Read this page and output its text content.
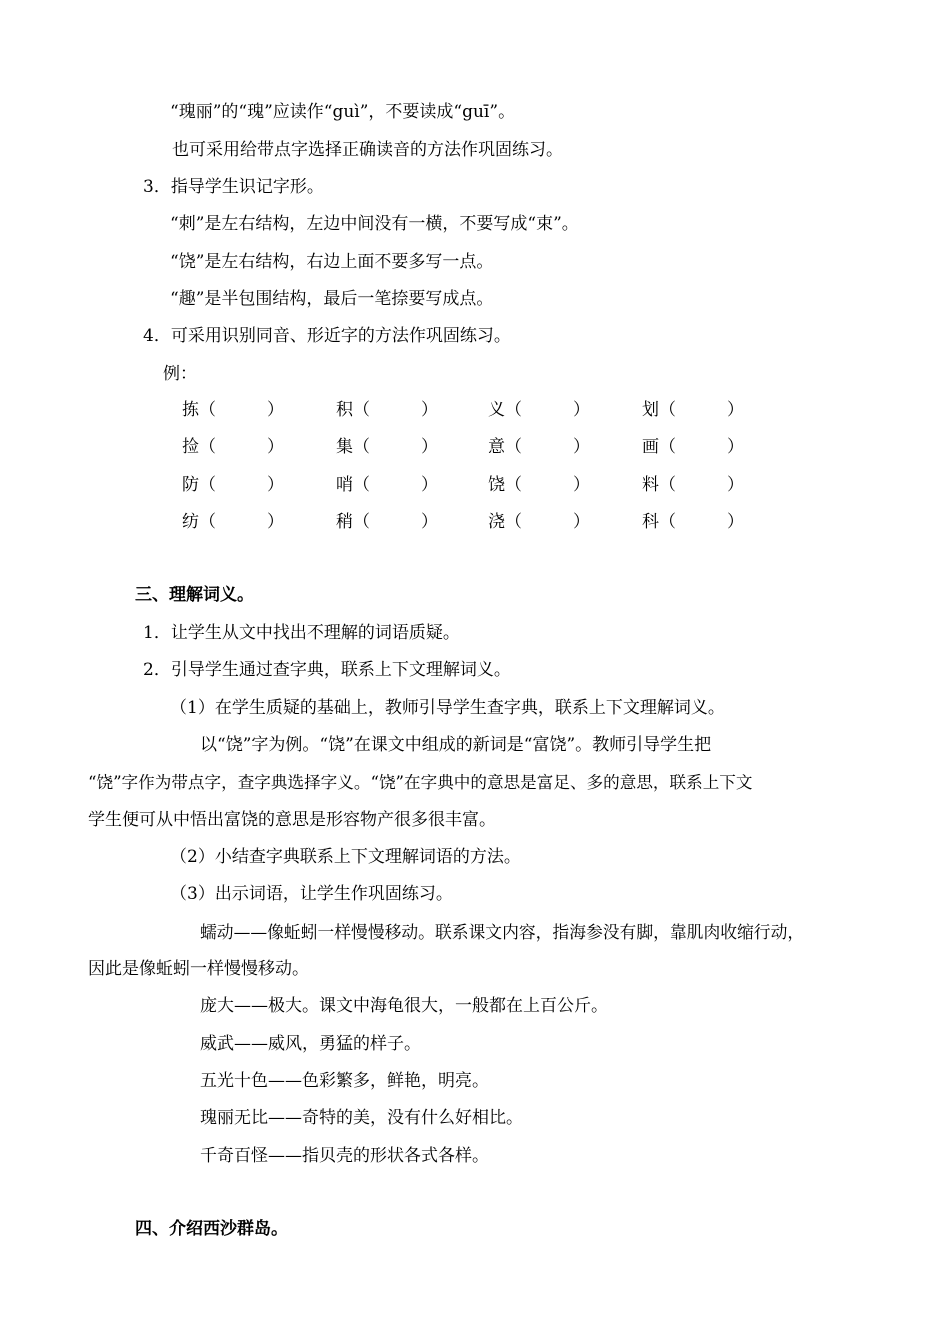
“瑰丽”的“瑰”应读作“guì”，不要读成“guī”。
也可采用给带点字选择正确读音的方法作巩固练习。
3．指导学生识记字形。
“刺”是左右结构，左边中间没有一横，不要写成“束”。
“饶”是左右结构，右边上面不要多写一点。
“趣”是半包围结构，最后一笔捺要写成点。
4．可采用识别同音、形近字的方法作巩固练习。
例：
拣（　　　）	积（　　　）	义（　　　）	划（　　　）
捡（　　　）	集（　　　）	意（　　　）	画（　　　）
防（　　　）	哨（　　　）	饶（　　　）	料（　　　）
纺（　　　）	稍（　　　）	浇（　　　）	科（　　　）
三、理解词义。
1．让学生从文中找出不理解的词语质疑。
2．引导学生通过查字典，联系上下文理解词义。
（1）在学生质疑的基础上，教师引导学生查字典，联系上下文理解词义。
以“饶”字为例。“饶”在课文中组成的新词是“富饶”。教师引导学生把
“饶”字作为带点字，查字典选择字义。“饶”在字典中的意思是富足、多的意思，联系上下文
学生便可从中悟出富饶的意思是形容物产很多很丰富。
（2）小结查字典联系上下文理解词语的方法。
（3）出示词语，让学生作巩固练习。
蠕动——像蚯蚓一样慢慢移动。联系课文内容，指海参没有脚，靠肌肉收缩行动，
因此是像蚯蚓一样慢慢移动。
庞大——极大。课文中海龟很大，一般都在上百公斤。
威武——威风，勇猛的样子。
五光十色——色彩繁多，鲜艳，明亮。
瑰丽无比——奇特的美，没有什么好相比。
千奇百怪——指贝壳的形状各式各样。
四、介绍西沙群岛。
